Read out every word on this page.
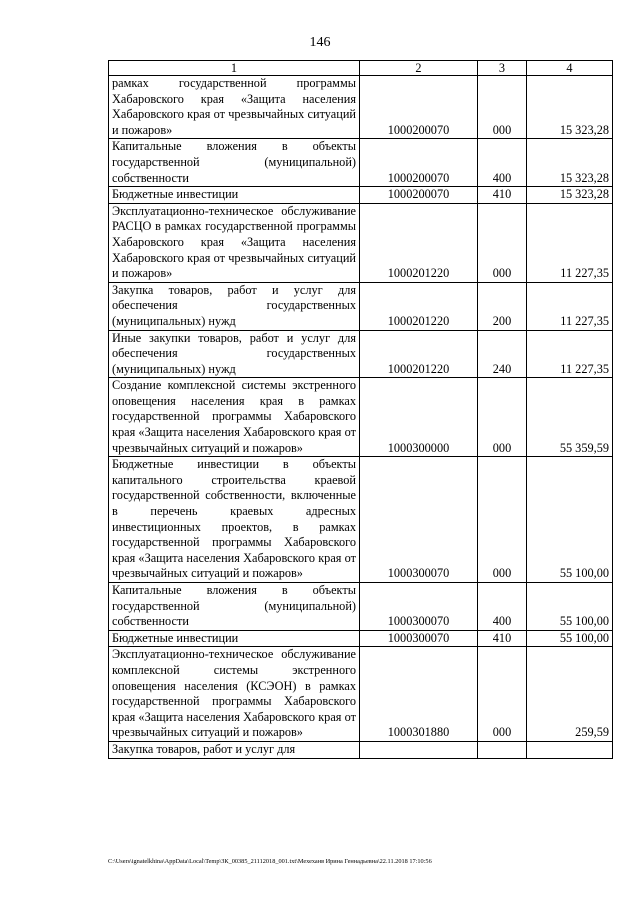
146
1	2	3	4
рамках государственной программы Хабаровского края «Защита населения Хабаровского края от чрезвычайных ситуаций и пожаров»	1000200070	000	15 323,28
Капитальные вложения в объекты государственной (муниципальной) собственности	1000200070	400	15 323,28
Бюджетные инвестиции	1000200070	410	15 323,28
Эксплуатационно-техническое обслуживание РАСЦО в рамках государственной программы Хабаровского края «Защита населения Хабаровского края от чрезвычайных ситуаций и пожаров»	1000201220	000	11 227,35
Закупка товаров, работ и услуг для обеспечения государственных (муниципальных) нужд	1000201220	200	11 227,35
Иные закупки товаров, работ и услуг для обеспечения государственных (муниципальных) нужд	1000201220	240	11 227,35
Создание комплексной системы экстренного оповещения населения края в рамках государственной программы Хабаровского края «Защита населения Хабаровского края от чрезвычайных ситуаций и пожаров»	1000300000	000	55 359,59
Бюджетные инвестиции в объекты капитального строительства краевой государственной собственности, включенные в перечень краевых адресных инвестиционных проектов, в рамках государственной программы Хабаровского края «Защита населения Хабаровского края от чрезвычайных ситуаций и пожаров»	1000300070	000	55 100,00
Капитальные вложения в объекты государственной (муниципальной) собственности	1000300070	400	55 100,00
Бюджетные инвестиции	1000300070	410	55 100,00
Эксплуатационно-техническое обслуживание комплексной системы экстренного оповещения населения (КСЭОН) в рамках государственной программы Хабаровского края «Защита населения Хабаровского края от чрезвычайных ситуаций и пожаров»	1000301880	000	259,59
Закупка товаров, работ и услуг для			
C:\Users\ignatelkhina\AppData\Local\Temp\ЗК_00385_21112018_001.txt\Мехеханв Ирина Геннадьевна\22.11.2018 17:10:56
